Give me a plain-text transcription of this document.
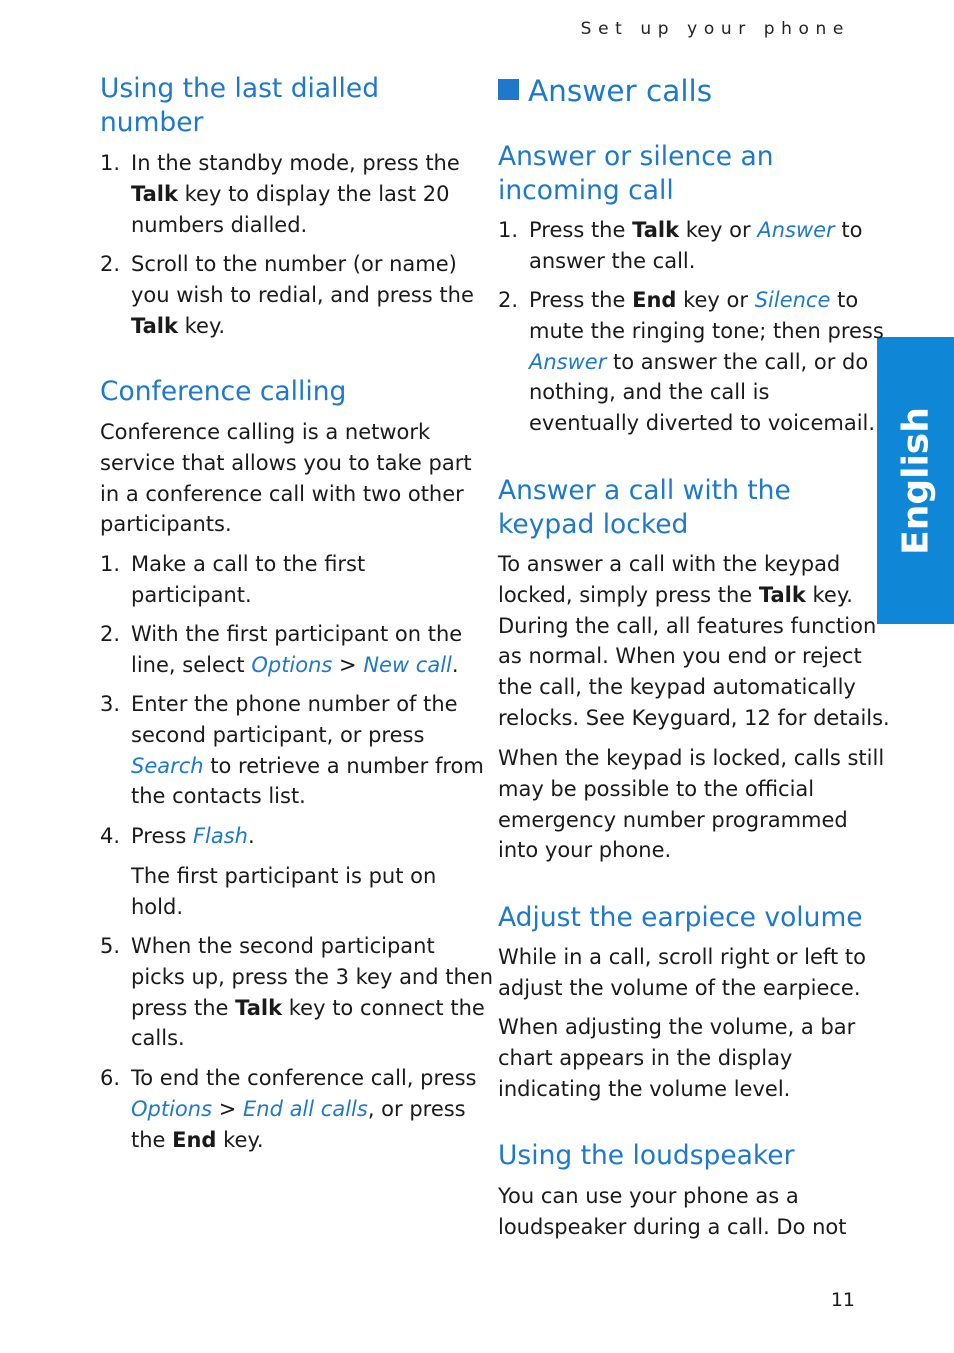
Set up your phone
English
Using the last dialled
number
1. In the standby mode, press the
Talk key to display the last 20
numbers dialled.
2. Scroll to the number (or name)
you wish to redial, and press the
Talk key.
Conference calling
Conference calling is a network
service that allows you to take part
in a conference call with two other
participants.
1. Make a call to the first
participant.
2. With the first participant on the
line, select Options > New call.
3. Enter the phone number of the
second participant, or press
Search to retrieve a number from
the contacts list.
4. Press Flash.
The first participant is put on
hold.
5. When the second participant
picks up, press the 3 key and then
press the Talk key to connect the
calls.
6. To end the conference call, press
Options > End all calls, or press
the End key.
Answer calls
Answer or silence an
incoming call
1. Press the Talk key or Answer to
answer the call.
2. Press the End key or Silence to
mute the ringing tone; then press
Answer to answer the call, or do
nothing, and the call is
eventually diverted to voicemail.
Answer a call with the
keypad locked
To answer a call with the keypad
locked, simply press the Talk key.
During the call, all features function
as normal. When you end or reject
the call, the keypad automatically
relocks. See Keyguard, 12 for details.
When the keypad is locked, calls still
may be possible to the official
emergency number programmed
into your phone.
Adjust the earpiece volume
While in a call, scroll right or left to
adjust the volume of the earpiece.
When adjusting the volume, a bar
chart appears in the display
indicating the volume level.
Using the loudspeaker
You can use your phone as a
loudspeaker during a call. Do not
11
